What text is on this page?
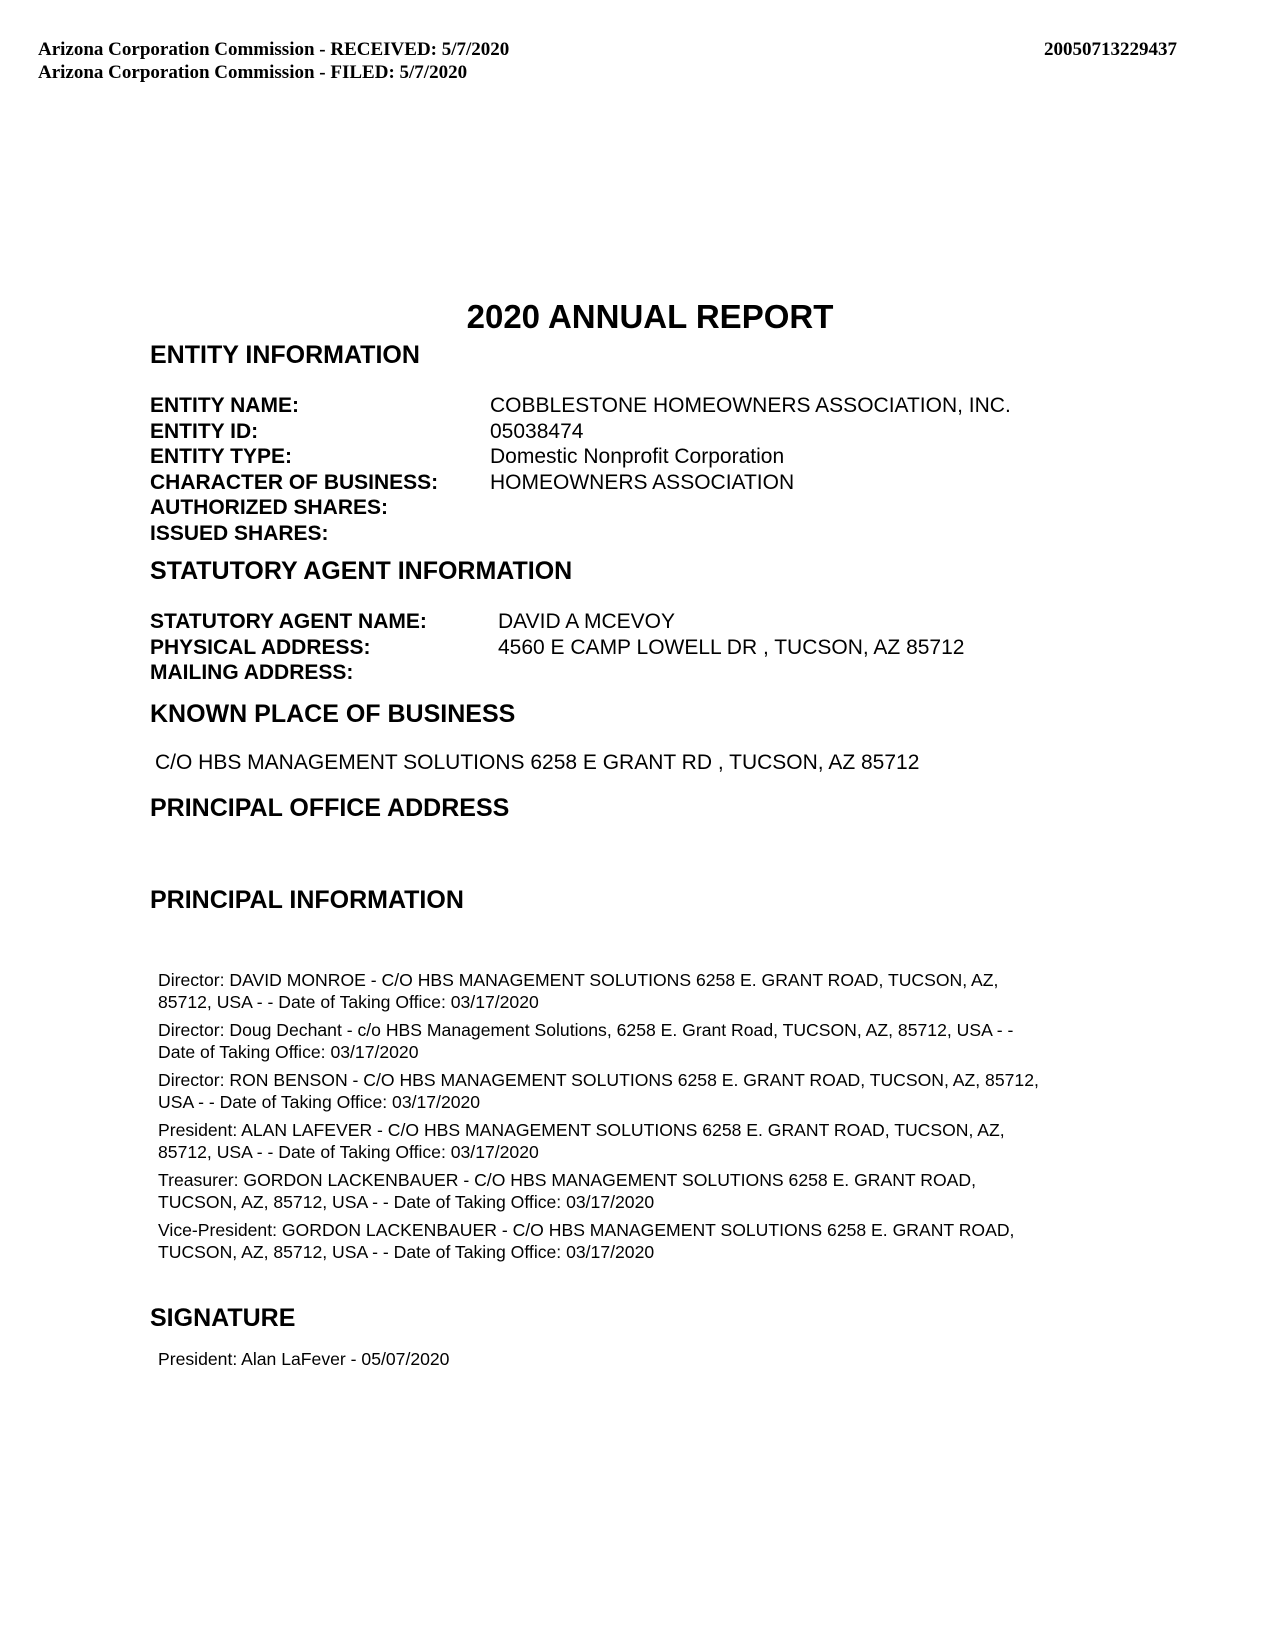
Arizona Corporation Commission - RECEIVED: 5/7/2020
Arizona Corporation Commission - FILED: 5/7/2020
20050713229437
2020 ANNUAL REPORT
ENTITY INFORMATION
ENTITY NAME:	COBBLESTONE HOMEOWNERS ASSOCIATION, INC.
ENTITY ID:	05038474
ENTITY TYPE:	Domestic Nonprofit Corporation
CHARACTER OF BUSINESS: HOMEOWNERS ASSOCIATION
AUTHORIZED SHARES:
ISSUED SHARES:
STATUTORY AGENT INFORMATION
STATUTORY AGENT NAME:	DAVID A MCEVOY
PHYSICAL ADDRESS:	4560 E CAMP LOWELL DR , TUCSON, AZ 85712
MAILING ADDRESS:
KNOWN PLACE OF BUSINESS
C/O HBS MANAGEMENT SOLUTIONS 6258 E GRANT RD , TUCSON, AZ 85712
PRINCIPAL OFFICE ADDRESS
PRINCIPAL INFORMATION
Director: DAVID MONROE - C/O HBS MANAGEMENT SOLUTIONS 6258 E. GRANT ROAD, TUCSON, AZ,
85712, USA - - Date of Taking Office: 03/17/2020
Director: Doug Dechant - c/o HBS Management Solutions, 6258 E. Grant Road, TUCSON, AZ, 85712, USA - -
Date of Taking Office: 03/17/2020
Director: RON BENSON - C/O HBS MANAGEMENT SOLUTIONS 6258 E. GRANT ROAD, TUCSON, AZ, 85712,
USA - - Date of Taking Office: 03/17/2020
President: ALAN LAFEVER - C/O HBS MANAGEMENT SOLUTIONS 6258 E. GRANT ROAD, TUCSON, AZ,
85712, USA - - Date of Taking Office: 03/17/2020
Treasurer: GORDON LACKENBAUER - C/O HBS MANAGEMENT SOLUTIONS 6258 E. GRANT ROAD,
TUCSON, AZ, 85712, USA - - Date of Taking Office: 03/17/2020
Vice-President: GORDON LACKENBAUER - C/O HBS MANAGEMENT SOLUTIONS 6258 E. GRANT ROAD,
TUCSON, AZ, 85712, USA - - Date of Taking Office: 03/17/2020
SIGNATURE
President: Alan LaFever - 05/07/2020
